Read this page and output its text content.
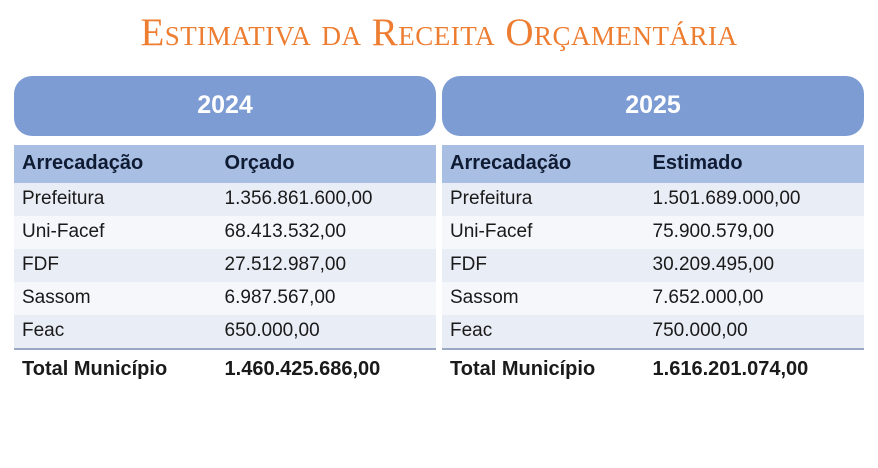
Estimativa da Receita Orçamentária
2024	2025
Arrecadação	Orçado
Prefeitura	1.356.861.600,00
Uni-Facef	68.413.532,00
FDF	27.512.987,00
Sassom	6.987.567,00
Feac	650.000,00
Total Município	1.460.425.686,00
Arrecadação	Estimado
Prefeitura	1.501.689.000,00
Uni-Facef	75.900.579,00
FDF	30.209.495,00
Sassom	7.652.000,00
Feac	750.000,00
Total Município	1.616.201.074,00
